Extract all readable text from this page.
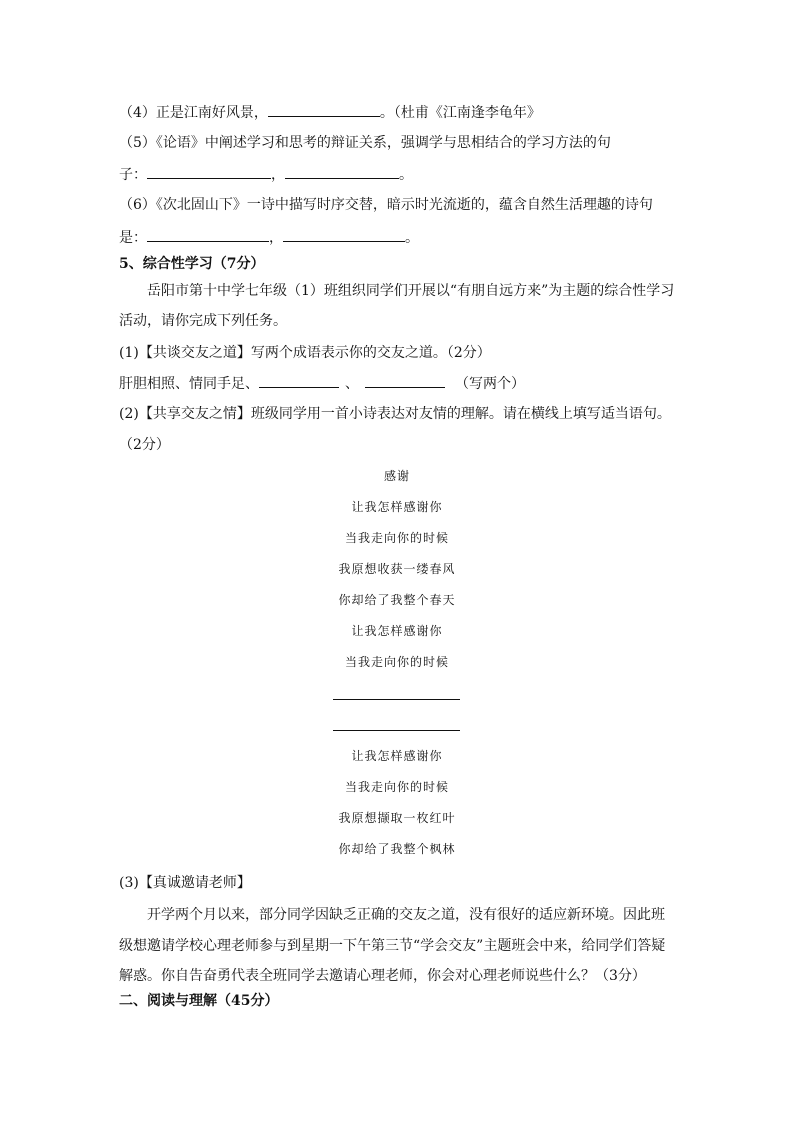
（4）正是江南好风景，	。（杜甫《江南逢李龟年》
（5）《论语》中阐述学习和思考的辩证关系，强调学与思相结合的学习方法的句
子：	，	。
（6）《次北固山下》一诗中描写时序交替，暗示时光流逝的，蕴含自然生活理趣的诗句
是：	，	。
5、综合性学习（7分）
岳阳市第十中学七年级（1）班组织同学们开展以“有朋自远方来”为主题的综合性学习
活动，请你完成下列任务。
(1)【共谈交友之道】写两个成语表示你的交友之道。（2分）
肝胆相照、情同手足、	、	（写两个）
(2)【共享交友之情】班级同学用一首小诗表达对友情的理解。请在横线上填写适当语句。
（2分）
感谢
让我怎样感谢你
当我走向你的时候
我原想收获一缕春风
你却给了我整个春天
让我怎样感谢你
当我走向你的时候
让我怎样感谢你
当我走向你的时候
我原想撷取一枚红叶
你却给了我整个枫林
(3)【真诚邀请老师】
开学两个月以来，部分同学因缺乏正确的交友之道，没有很好的适应新环境。因此班
级想邀请学校心理老师参与到星期一下午第三节“学会交友”主题班会中来，给同学们答疑
解惑。你自告奋勇代表全班同学去邀请心理老师，你会对心理老师说些什么？（3分）
二、阅读与理解（45分）
